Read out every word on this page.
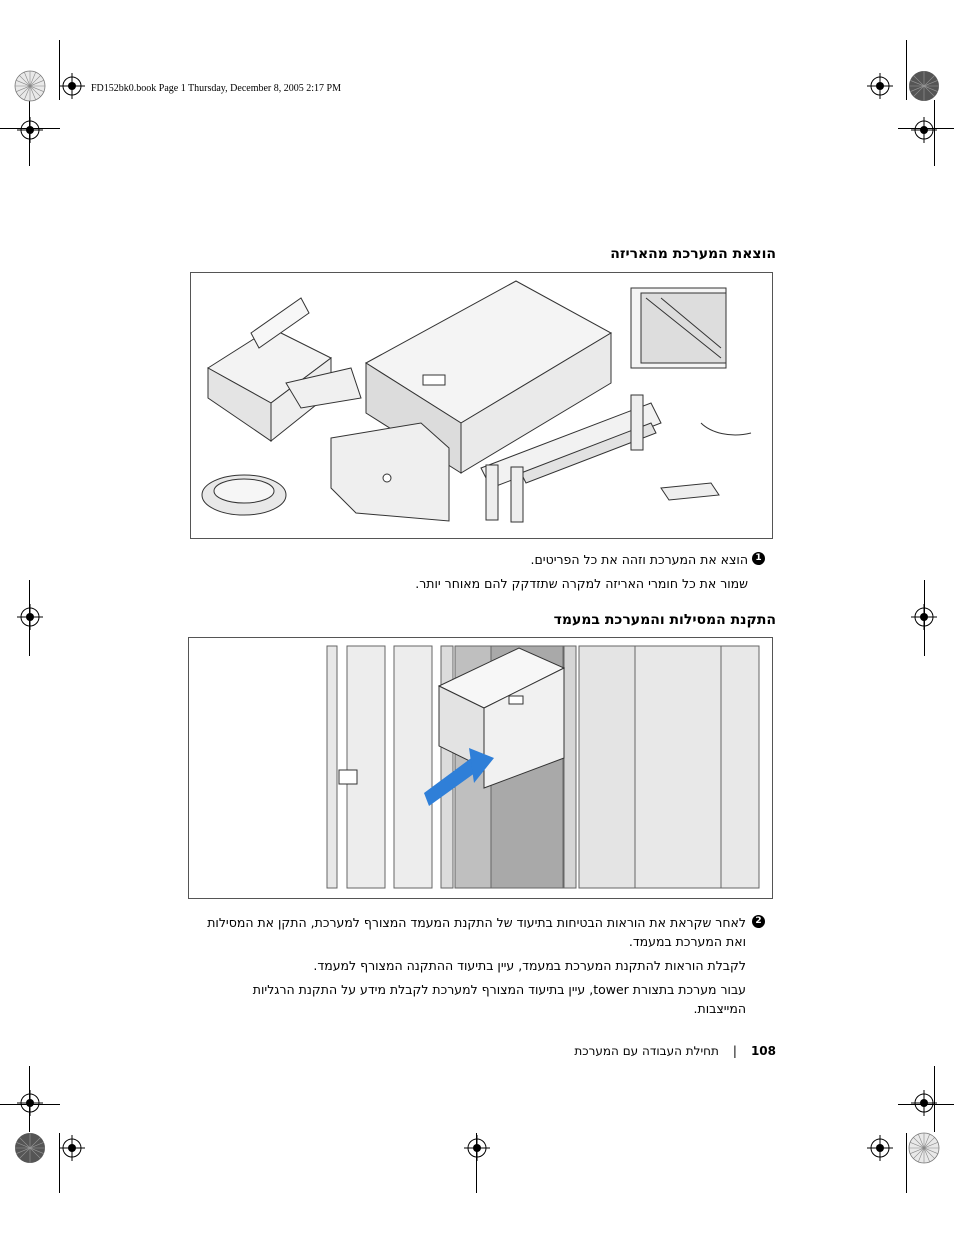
FD152bk0.book Page 1 Thursday, December 8, 2005 2:17 PM
הוצאת המערכת מהאריזה
1

הוצא את המערכת וזהה את כל הפריטים.

שמור את כל חומרי האריזה למקרה שתזדקק להם מאוחר יותר.

התקנת המסילות והמערכת במעמד
2

לאחר שקראת את הוראות הבטיחות בתיעוד של התקנת המעמד המצורף למערכת, התקן את המסילות ואת המערכת במעמד.

לקבלת הוראות להתקנת המערכת במעמד, עיין בתיעוד ההתקנה המצורף למעמד.

עבור מערכת בתצורת tower, עיין בתיעוד המצורף למערכת לקבלת מידע על התקנת הרגליות המייצבות.

108|תחילת העבודה עם המערכת
